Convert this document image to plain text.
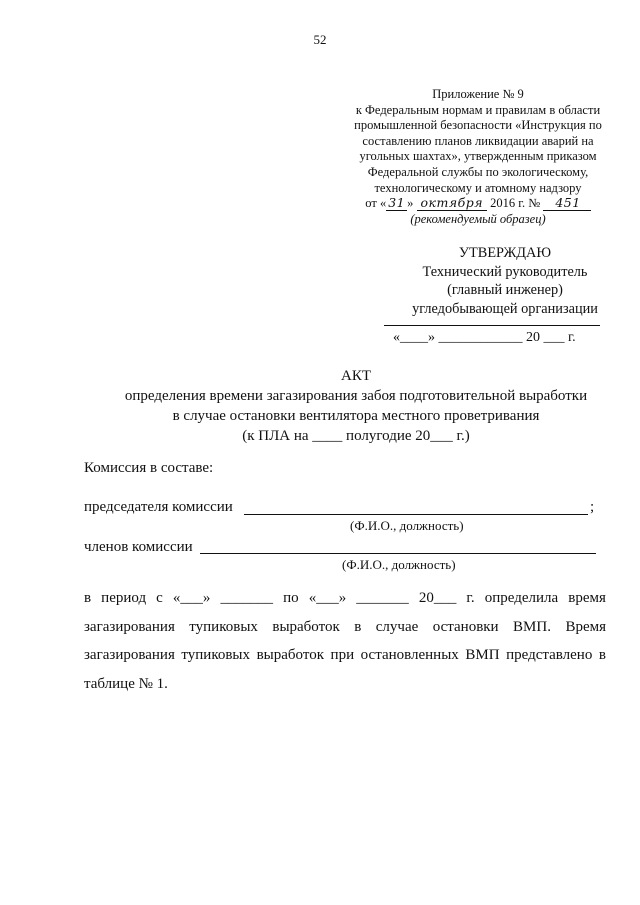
52
Приложение № 9
к Федеральным нормам и правилам в области
промышленной безопасности «Инструкция по
составлению планов ликвидации аварий на
угольных шахтах», утвержденным приказом
Федеральной службы по экологическому,
технологическому и атомному надзору
от « 31 » октября 2016 г. № 451
(рекомендуемый образец)
УТВЕРЖДАЮ
Технический руководитель
(главный инженер)
угледобывающей организации
«____» ____________ 20 ___ г.
АКТ
определения времени загазирования забоя подготовительной выработки
в случае остановки вентилятора местного проветривания
(к ПЛА на ____ полугодие 20___ г.)
Комиссия в составе:
председателя комиссии	;
(Ф.И.О., должность)
членов комиссии
(Ф.И.О., должность)
в период с «___» _______ по «___» _______ 20___ г. определила время
загазирования тупиковых выработок в случае остановки ВМП. Время
загазирования тупиковых выработок при остановленных ВМП представлено в
таблице № 1.
